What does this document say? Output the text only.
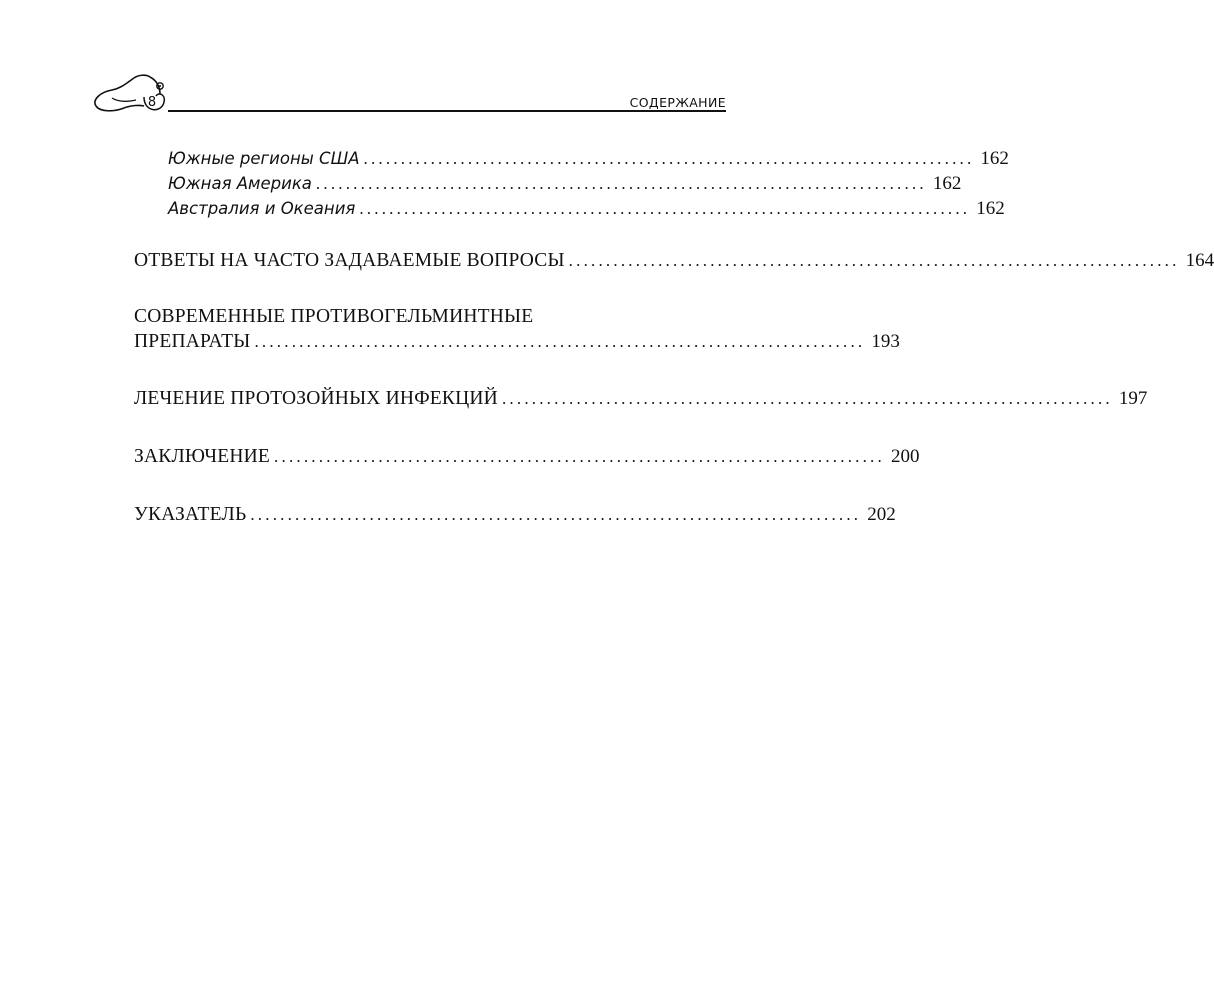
8	СОДЕРЖАНИЕ
Южные регионы США .................................................................................. 162
Южная Америка .................................................................................. 162
Австралия и Океания .................................................................................. 162
ОТВЕТЫ НА ЧАСТО ЗАДАВАЕМЫЕ ВОПРОСЫ .................................................................................. 164
СОВРЕМЕННЫЕ ПРОТИВОГЕЛЬМИНТНЫЕ
ПРЕПАРАТЫ .................................................................................. 193
ЛЕЧЕНИЕ ПРОТОЗОЙНЫХ ИНФЕКЦИЙ .................................................................................. 197
ЗАКЛЮЧЕНИЕ .................................................................................. 200
УКАЗАТЕЛЬ .................................................................................. 202
